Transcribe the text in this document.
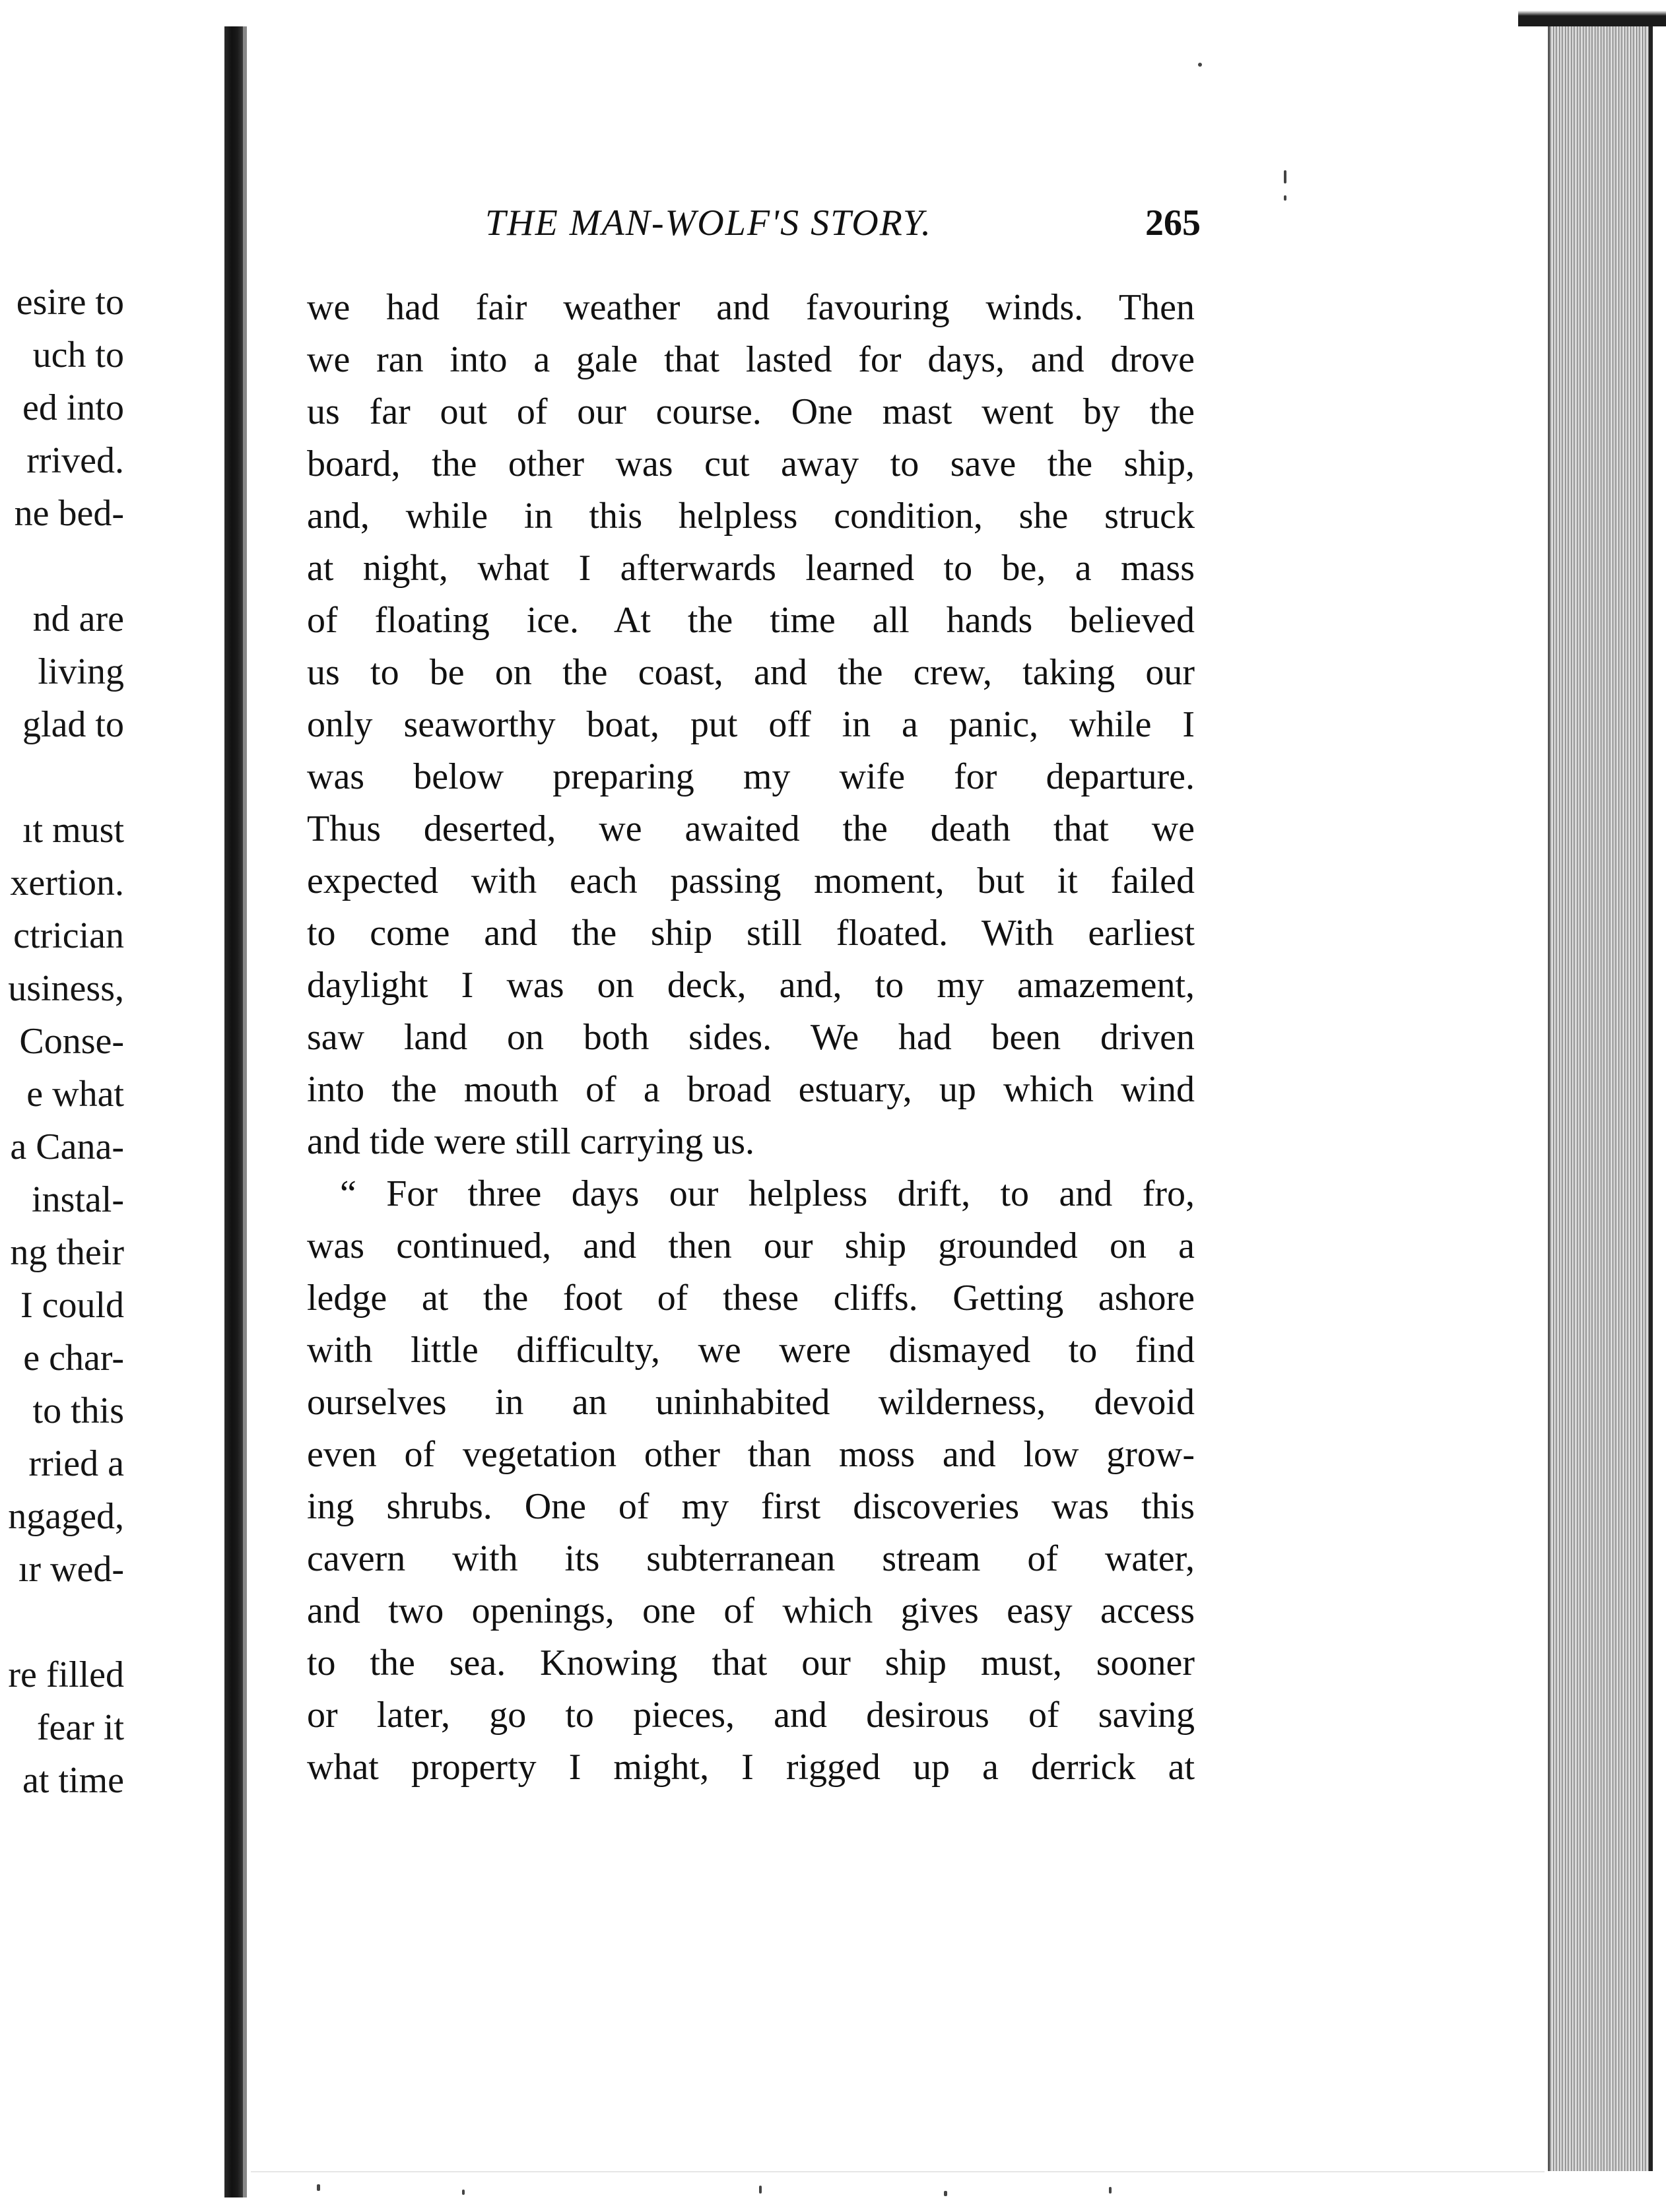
esire to
uch to
ed into
rrived.
ne bed-
nd are
living
glad to
ıt must
xertion.
ctrician
usiness,
Conse-
e what
a Cana-
instal-
ng their
I could
e char-
to this
rried a
ngaged,
ır wed-
re filled
fear it
at time
THE MAN-WOLF'S STORY.	265
we had fair weather and favouring winds. Then
we ran into a gale that lasted for days, and drove
us far out of our course. One mast went by the
board, the other was cut away to save the ship,
and, while in this helpless condition, she struck
at night, what I afterwards learned to be, a mass
of floating ice. At the time all hands believed
us to be on the coast, and the crew, taking our
only seaworthy boat, put off in a panic, while I
was below preparing my wife for departure.
Thus deserted, we awaited the death that we
expected with each passing moment, but it failed
to come and the ship still floated. With earliest
daylight I was on deck, and, to my amazement,
saw land on both sides. We had been driven
into the mouth of a broad estuary, up which wind
and tide were still carrying us.
“ For three days our helpless drift, to and fro,
was continued, and then our ship grounded on a
ledge at the foot of these cliffs. Getting ashore
with little difficulty, we were dismayed to find
ourselves in an uninhabited wilderness, devoid
even of vegetation other than moss and low grow-
ing shrubs. One of my first discoveries was this
cavern with its subterranean stream of water,
and two openings, one of which gives easy access
to the sea. Knowing that our ship must, sooner
or later, go to pieces, and desirous of saving
what property I might, I rigged up a derrick at
